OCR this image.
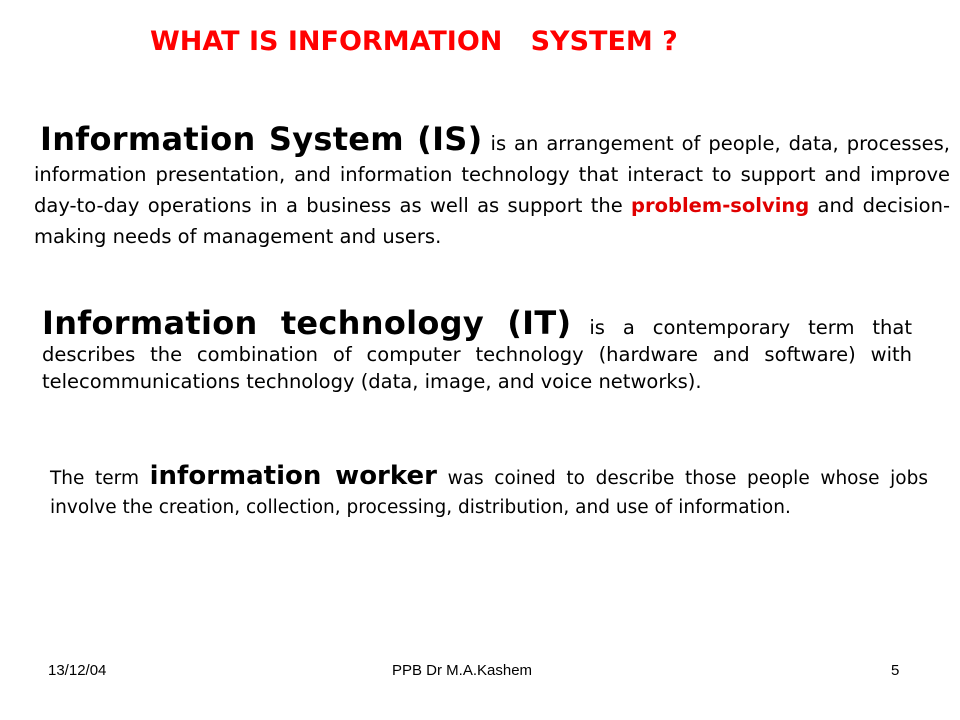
WHAT IS INFORMATION   SYSTEM ?

Information System (IS) is an arrangement of people, data, processes, information presentation, and information technology that interact to support and improve day-to-day operations in a business as well as support the problem-solving and decision-making needs of management and users.

Information technology (IT) is a contemporary term that describes the combination of computer technology (hardware and software) with telecommunications technology (data, image, and voice networks).

The term information worker was coined to describe those people whose jobs involve the creation, collection, processing, distribution, and use of information.

13/12/04	PPB Dr M.A.Kashem	5
